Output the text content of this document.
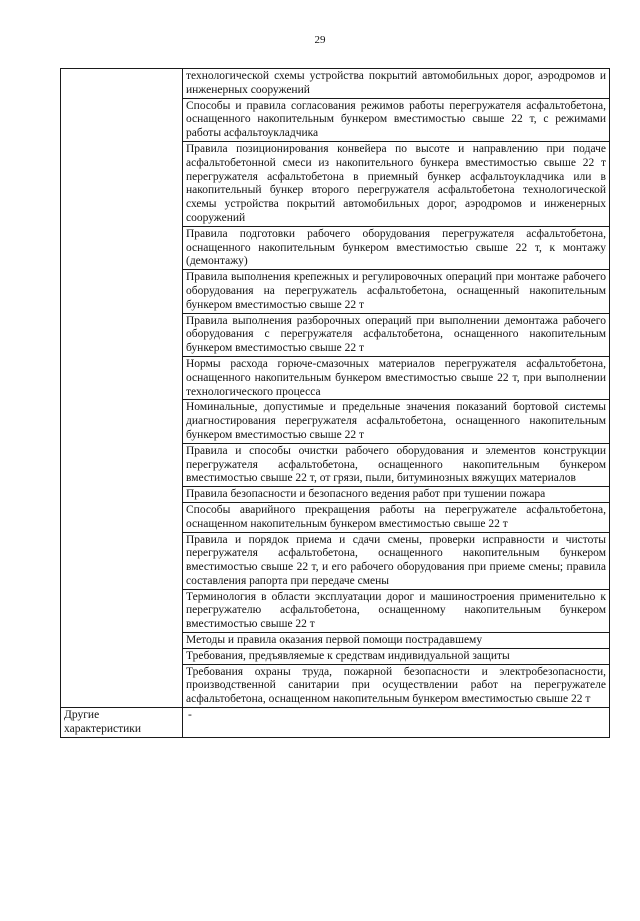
29
	технологической схемы устройства покрытий автомобильных дорог, аэродромов и инженерных сооружений
	Способы и правила согласования режимов работы перегружателя асфальтобетона, оснащенного накопительным бункером вместимостью свыше 22 т, с режимами работы асфальтоукладчика
	Правила позиционирования конвейера по высоте и направлению при подаче асфальтобетонной смеси из накопительного бункера вместимостью свыше 22 т перегружателя асфальтобетона в приемный бункер асфальтоукладчика или в накопительный бункер второго перегружателя асфальтобетона технологической схемы устройства покрытий автомобильных дорог, аэродромов и инженерных сооружений
	Правила подготовки рабочего оборудования перегружателя асфальтобетона, оснащенного накопительным бункером вместимостью свыше 22 т, к монтажу (демонтажу)
	Правила выполнения крепежных и регулировочных операций при монтаже рабочего оборудования на перегружатель асфальтобетона, оснащенный накопительным бункером вместимостью свыше 22 т
	Правила выполнения разборочных операций при выполнении демонтажа рабочего оборудования с перегружателя асфальтобетона, оснащенного накопительным бункером вместимостью свыше 22 т
	Нормы расхода горюче-смазочных материалов перегружателя асфальтобетона, оснащенного накопительным бункером вместимостью свыше 22 т, при выполнении технологического процесса
	Номинальные, допустимые и предельные значения показаний бортовой системы диагностирования перегружателя асфальтобетона, оснащенного накопительным бункером вместимостью свыше 22 т
	Правила и способы очистки рабочего оборудования и элементов конструкции перегружателя асфальтобетона, оснащенного накопительным бункером вместимостью свыше 22 т, от грязи, пыли, битуминозных вяжущих материалов
	Правила безопасности и безопасного ведения работ при тушении пожара
	Способы аварийного прекращения работы на перегружателе асфальтобетона, оснащенном накопительным бункером вместимостью свыше 22 т
	Правила и порядок приема и сдачи смены, проверки исправности и чистоты перегружателя асфальтобетона, оснащенного накопительным бункером вместимостью свыше 22 т, и его рабочего оборудования при приеме смены; правила составления рапорта при передаче смены
	Терминология в области эксплуатации дорог и машиностроения применительно к перегружателю асфальтобетона, оснащенному накопительным бункером вместимостью свыше 22 т
	Методы и правила оказания первой помощи пострадавшему
	Требования, предъявляемые к средствам индивидуальной защиты
	Требования охраны труда, пожарной безопасности и электробезопасности, производственной санитарии при осуществлении работ на перегружателе асфальтобетона, оснащенном накопительным бункером вместимостью свыше 22 т
Другие характеристики	-
